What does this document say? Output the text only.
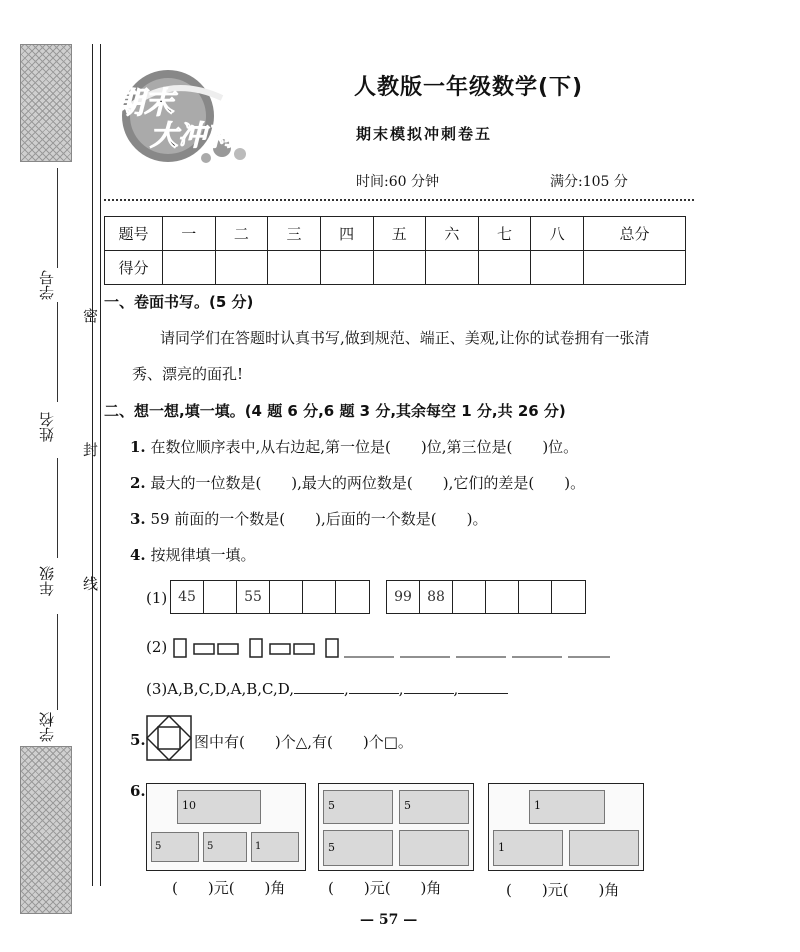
学号
姓名
年级
学校
密
封
线
期末
大冲刺
人教版一年级数学(下)
期末模拟冲刺卷五
时间:60 分钟	满分:105 分
题号	一	二	三	四	五	六	七	八	总分
得分									
一、卷面书写。(5 分)
请同学们在答题时认真书写,做到规范、端正、美观,让你的试卷拥有一张清
秀、漂亮的面孔!
二、想一想,填一填。(4 题 6 分,6 题 3 分,其余每空 1 分,共 26 分)
1. 在数位顺序表中,从右边起,第一位是(　　)位,第三位是(　　)位。
2. 最大的一位数是(　　),最大的两位数是(　　),它们的差是(　　)。
3. 59 前面的一个数是(　　),后面的一个数是(　　)。
4. 按规律填一填。
(1) 45	55	99	88
(2)
(3)A,B,C,D,A,B,C,D,	,	,	,
5.	图中有(　　)个△,有(　　)个□。
6.
10
5	5	1
5	5
5
1
1
(　　)元(　　)角	(　　)元(　　)角	(　　)元(　　)角
— 57 —
